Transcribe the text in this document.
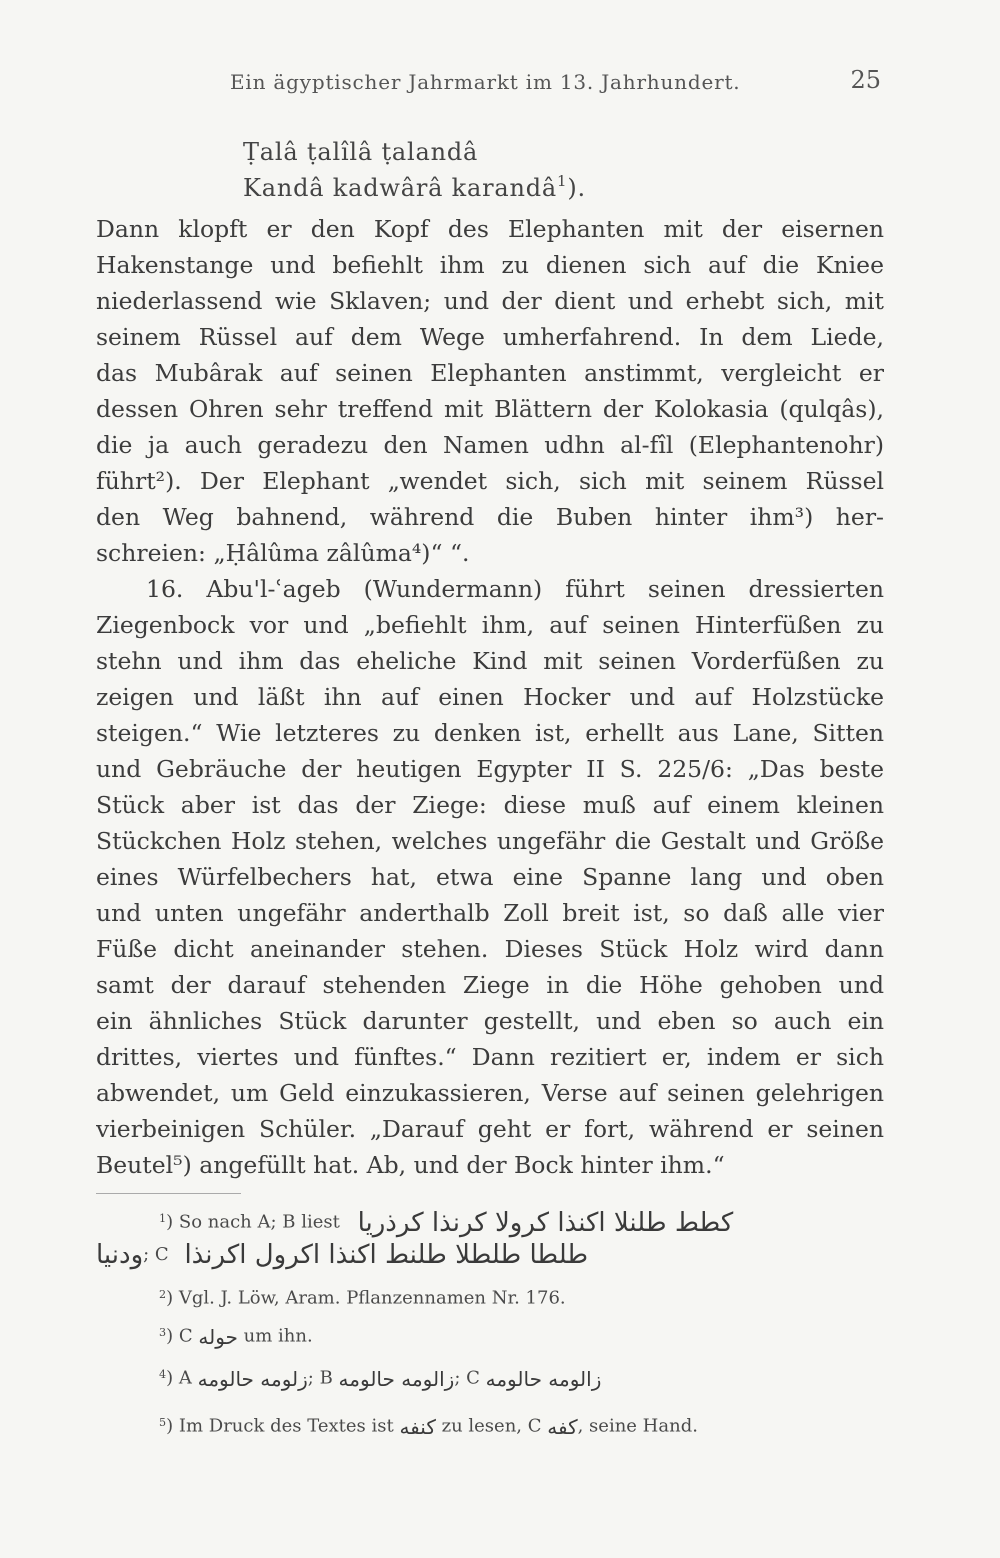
Ein ägyptischer Jahrmarkt im 13. Jahrhundert.	25
Ṭalâ ṭalîlâ ṭalandâ
Kandâ kadwârâ karandâ$^1$).
Dann klopft er den Kopf des Elephanten mit der eisernen
Hakenstange und befiehlt ihm zu dienen sich auf die Kniee
niederlassend wie Sklaven; und der dient und erhebt sich, mit
seinem Rüssel auf dem Wege umherfahrend. In dem Liede,
das Mubârak auf seinen Elephanten anstimmt, vergleicht er
dessen Ohren sehr treffend mit Blättern der Kolokasia (qulqâs),
die ja auch geradezu den Namen udhn al-fîl (Elephantenohr)
führt²). Der Elephant „wendet sich, sich mit seinem Rüssel
den Weg bahnend, während die Buben hinter ihm³) her-
schreien: „Ḥâlûma zâlûma⁴)“ “.
16. Abu'l-ʿageb (Wundermann) führt seinen dressierten
Ziegenbock vor und „befiehlt ihm, auf seinen Hinterfüßen zu
stehn und ihm das eheliche Kind mit seinen Vorderfüßen zu
zeigen und läßt ihn auf einen Hocker und auf Holzstücke
steigen.“ Wie letzteres zu denken ist, erhellt aus Lane, Sitten
und Gebräuche der heutigen Egypter II S. 225/6: „Das beste
Stück aber ist das der Ziege: diese muß auf einem kleinen
Stückchen Holz stehen, welches ungefähr die Gestalt und Größe
eines Würfelbechers hat, etwa eine Spanne lang und oben
und unten ungefähr anderthalb Zoll breit ist, so daß alle vier
Füße dicht aneinander stehen. Dieses Stück Holz wird dann
samt der darauf stehenden Ziege in die Höhe gehoben und
ein ähnliches Stück darunter gestellt, und eben so auch ein
drittes, viertes und fünftes.“ Dann rezitiert er, indem er sich
abwendet, um Geld einzukassieren, Verse auf seinen gelehrigen
vierbeinigen Schüler. „Darauf geht er fort, während er seinen
Beutel⁵) angefüllt hat. Ab, und der Bock hinter ihm.“
$^1$) So nach A; B liest كطط طلنلا اكنذا كرولا كرنذا كرذريا
ودنيا; C طلطا طلطلا طلنط اكنذا اكرول اكرنذا
$^2$) Vgl. J. Löw, Aram. Pflanzennamen Nr. 176.
$^3$) C حوله um ihn.
$^4$) A زلومه حالومه; B زالومه حالومه; C زالومه حالومه
$^5$) Im Druck des Textes ist كنفه zu lesen, C كفه, seine Hand.
